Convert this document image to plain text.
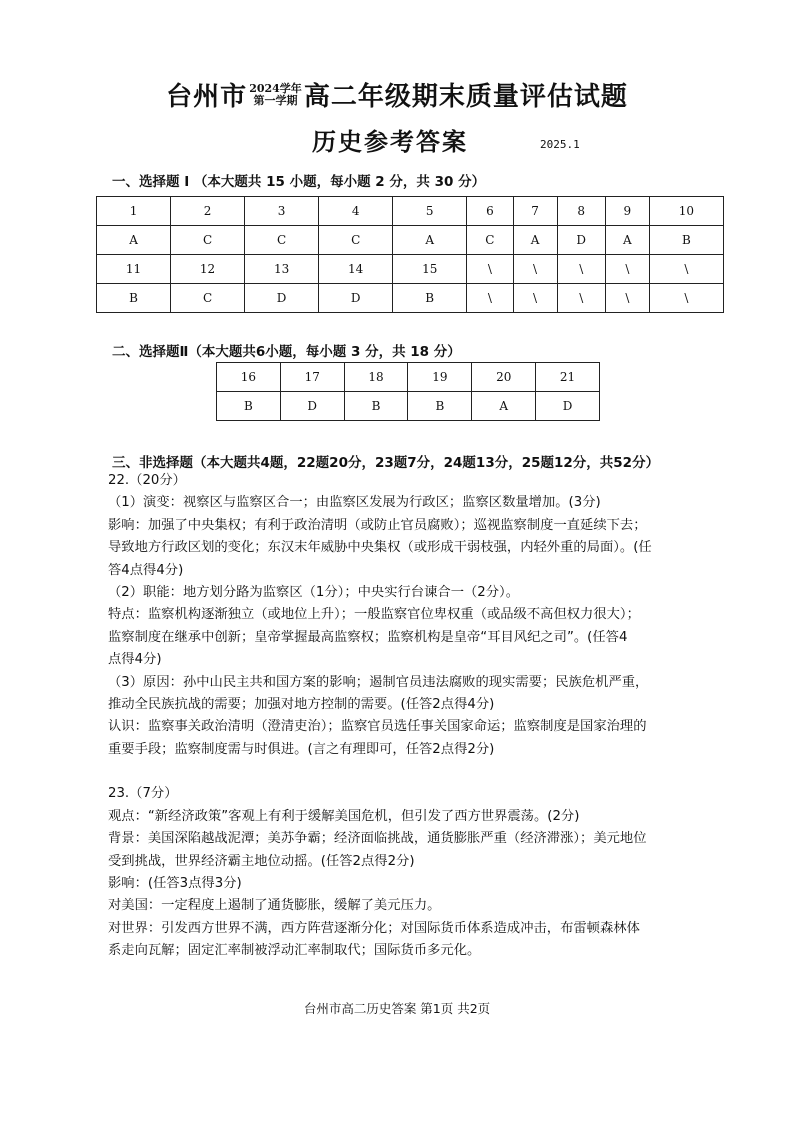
台州市 2024学年
第一学期 高二年级期末质量评估试题
历史参考答案	2025.1
一、选择题 Ⅰ （本大题共 15 小题，每小题 2 分，共 30 分）
1	2	3	4	5	6	7	8	9	10
A	C	C	C	A	C	A	D	A	B
11	12	13	14	15	\	\	\	\	\
B	C	D	D	B	\	\	\	\	\
二、选择题Ⅱ（本大题共6小题，每小题 3 分，共 18 分）
16	17	18	19	20	21
B	D	B	B	A	D
三、非选择题（本大题共4题，22题20分，23题7分，24题13分，25题12分，共52分）

22.（20分）

（1）演变：视察区与监察区合一；由监察区发展为行政区；监察区数量增加。(3分)

影响：加强了中央集权；有利于政治清明（或防止官员腐败）；巡视监察制度一直延续下去；

导致地方行政区划的变化；东汉末年威胁中央集权（或形成干弱枝强，内轻外重的局面）。(任

答4点得4分)

（2）职能：地方划分路为监察区（1分）；中央实行台谏合一（2分）。

特点：监察机构逐渐独立（或地位上升）；一般监察官位卑权重（或品级不高但权力很大）；

监察制度在继承中创新；皇帝掌握最高监察权；监察机构是皇帝“耳目风纪之司”。(任答4

点得4分)

（3）原因：孙中山民主共和国方案的影响；遏制官员违法腐败的现实需要；民族危机严重，

推动全民族抗战的需要；加强对地方控制的需要。(任答2点得4分)

认识：监察事关政治清明（澄清吏治）；监察官员选任事关国家命运；监察制度是国家治理的

重要手段；监察制度需与时俱进。(言之有理即可，任答2点得2分)

23.（7分）

观点：“新经济政策”客观上有利于缓解美国危机，但引发了西方世界震荡。(2分)

背景：美国深陷越战泥潭；美苏争霸；经济面临挑战，通货膨胀严重（经济滞涨）；美元地位

受到挑战，世界经济霸主地位动摇。(任答2点得2分)

影响：(任答3点得3分)

对美国：一定程度上遏制了通货膨胀，缓解了美元压力。

对世界：引发西方世界不满，西方阵营逐渐分化；对国际货币体系造成冲击，布雷顿森林体

系走向瓦解；固定汇率制被浮动汇率制取代；国际货币多元化。

台州市高二历史答案 第1页 共2页
